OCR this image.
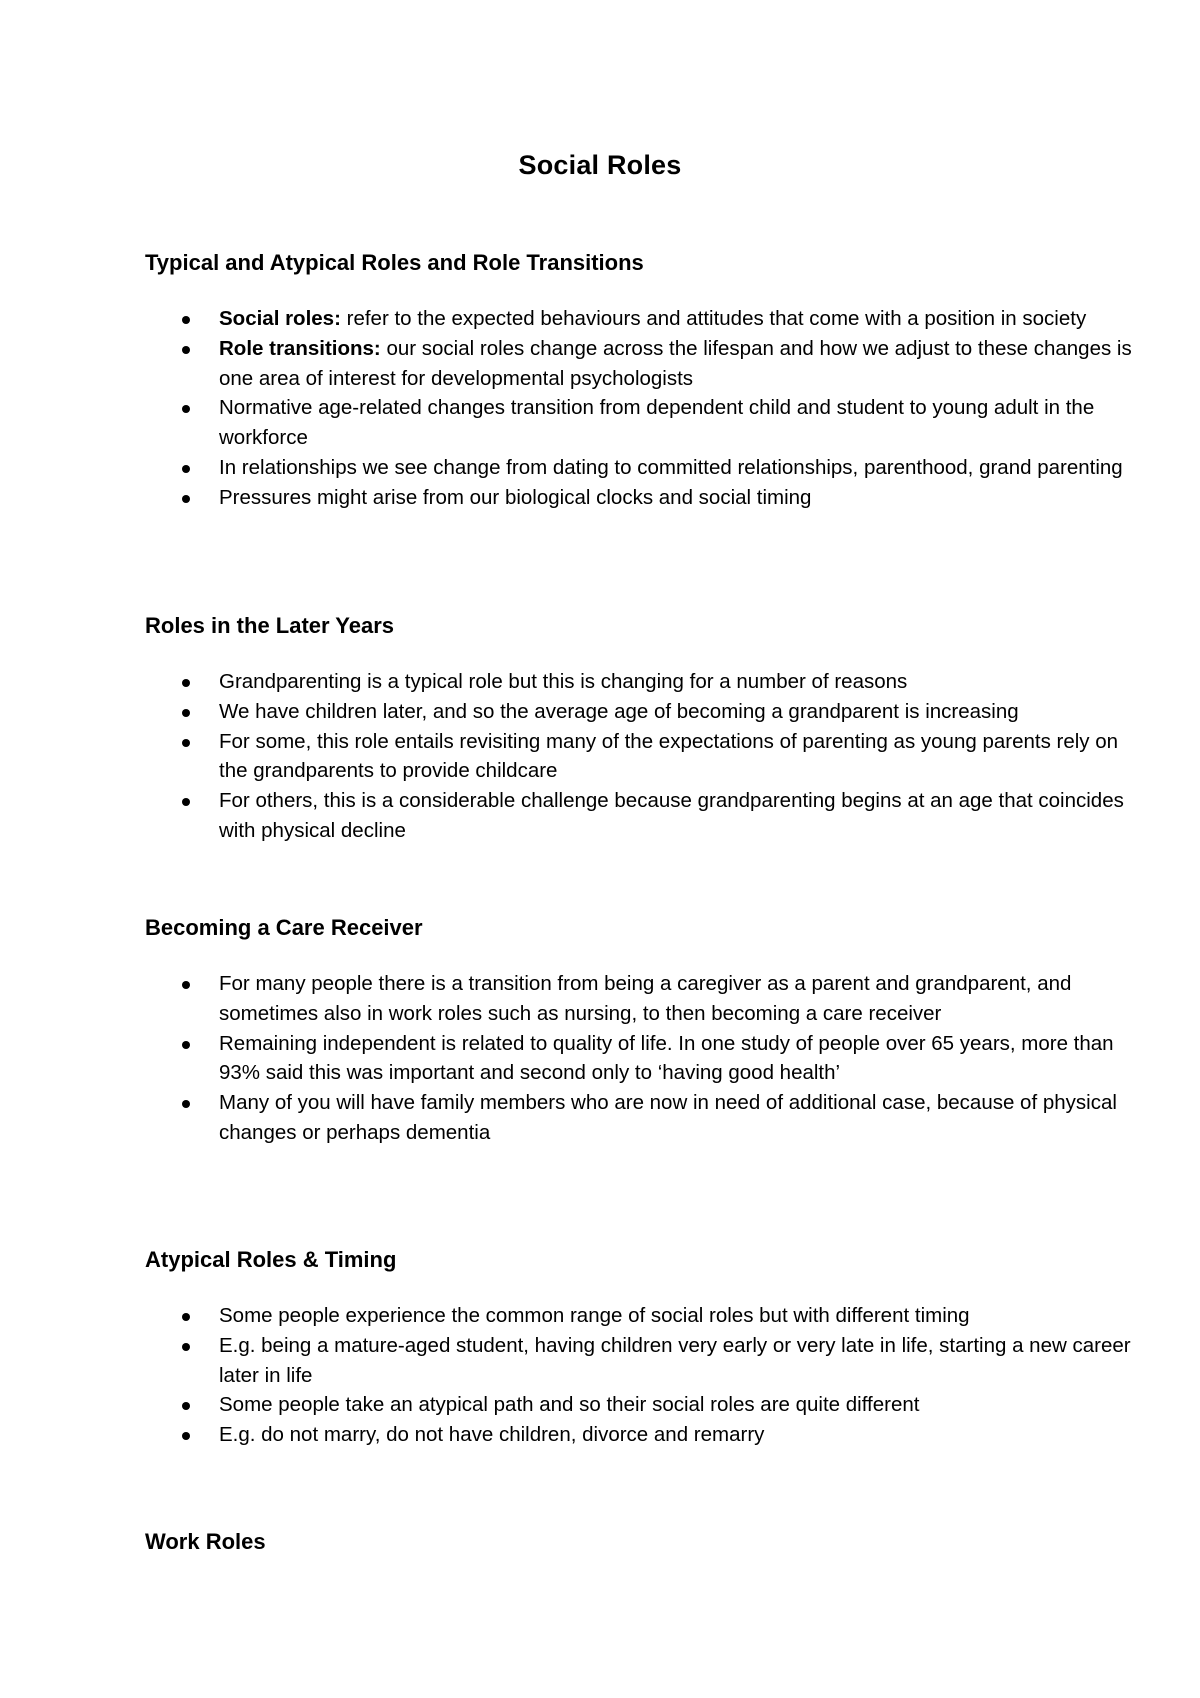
Social Roles
Typical and Atypical Roles and Role Transitions
Social roles: refer to the expected behaviours and attitudes that come with a position in society
Role transitions: our social roles change across the lifespan and how we adjust to these changes is one area of interest for developmental psychologists
Normative age-related changes transition from dependent child and student to young adult in the workforce
In relationships we see change from dating to committed relationships, parenthood, grand parenting
Pressures might arise from our biological clocks and social timing
Roles in the Later Years
Grandparenting is a typical role but this is changing for a number of reasons
We have children later, and so the average age of becoming a grandparent is increasing
For some, this role entails revisiting many of the expectations of parenting as young parents rely on the grandparents to provide childcare
For others, this is a considerable challenge because grandparenting begins at an age that coincides with physical decline
Becoming a Care Receiver
For many people there is a transition from being a caregiver as a parent and grandparent, and sometimes also in work roles such as nursing, to then becoming a care receiver
Remaining independent is related to quality of life. In one study of people over 65 years, more than 93% said this was important and second only to ‘having good health’
Many of you will have family members who are now in need of additional case, because of physical changes or perhaps dementia
Atypical Roles & Timing
Some people experience the common range of social roles but with different timing
E.g. being a mature-aged student, having children very early or very late in life, starting a new career later in life
Some people take an atypical path and so their social roles are quite different
E.g. do not marry, do not have children, divorce and remarry
Work Roles
